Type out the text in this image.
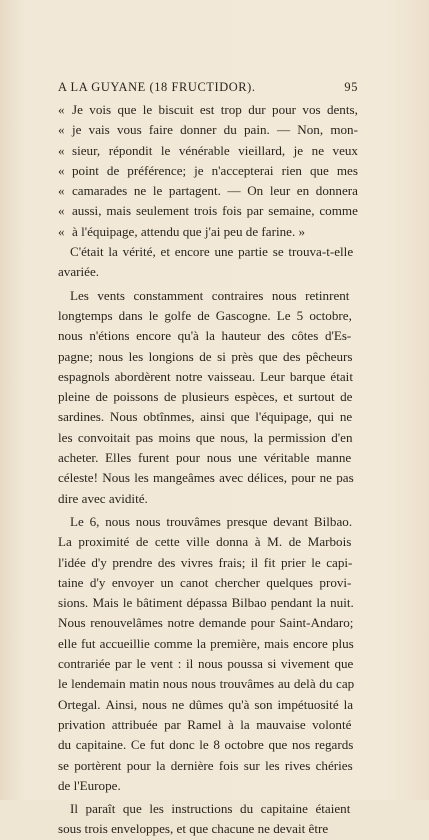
A LA GUYANE (18 FRUCTIDOR).	95

« Je vois que le biscuit est trop dur pour vos dents,
« je vais vous faire donner du pain. — Non, mon-
« sieur, répondit le vénérable vieillard, je ne veux
« point de préférence; je n'accepterai rien que mes
« camarades ne le partagent. — On leur en donnera
« aussi, mais seulement trois fois par semaine, comme
« à l'équipage, attendu que j'ai peu de farine. »

C'était la vérité, et encore une partie se trouva-t-elle
avariée.

Les vents constamment contraires nous retinrent
longtemps dans le golfe de Gascogne. Le 5 octobre,
nous n'étions encore qu'à la hauteur des côtes d'Es-
pagne; nous les longions de si près que des pêcheurs
espagnols abordèrent notre vaisseau. Leur barque était
pleine de poissons de plusieurs espèces, et surtout de
sardines. Nous obtînmes, ainsi que l'équipage, qui ne
les convoitait pas moins que nous, la permission d'en
acheter. Elles furent pour nous une véritable manne
céleste! Nous les mangeâmes avec délices, pour ne pas
dire avec avidité.

Le 6, nous nous trouvâmes presque devant Bilbao.
La proximité de cette ville donna à M. de Marbois
l'idée d'y prendre des vivres frais; il fit prier le capi-
taine d'y envoyer un canot chercher quelques provi-
sions. Mais le bâtiment dépassa Bilbao pendant la nuit.
Nous renouvelâmes notre demande pour Saint-Andaro;
elle fut accueillie comme la première, mais encore plus
contrariée par le vent : il nous poussa si vivement que
le lendemain matin nous nous trouvâmes au delà du cap
Ortegal. Ainsi, nous ne dûmes qu'à son impétuosité la
privation attribuée par Ramel à la mauvaise volonté
du capitaine. Ce fut donc le 8 octobre que nos regards
se portèrent pour la dernière fois sur les rives chéries
de l'Europe.

Il paraît que les instructions du capitaine étaient
sous trois enveloppes, et que chacune ne devait être
